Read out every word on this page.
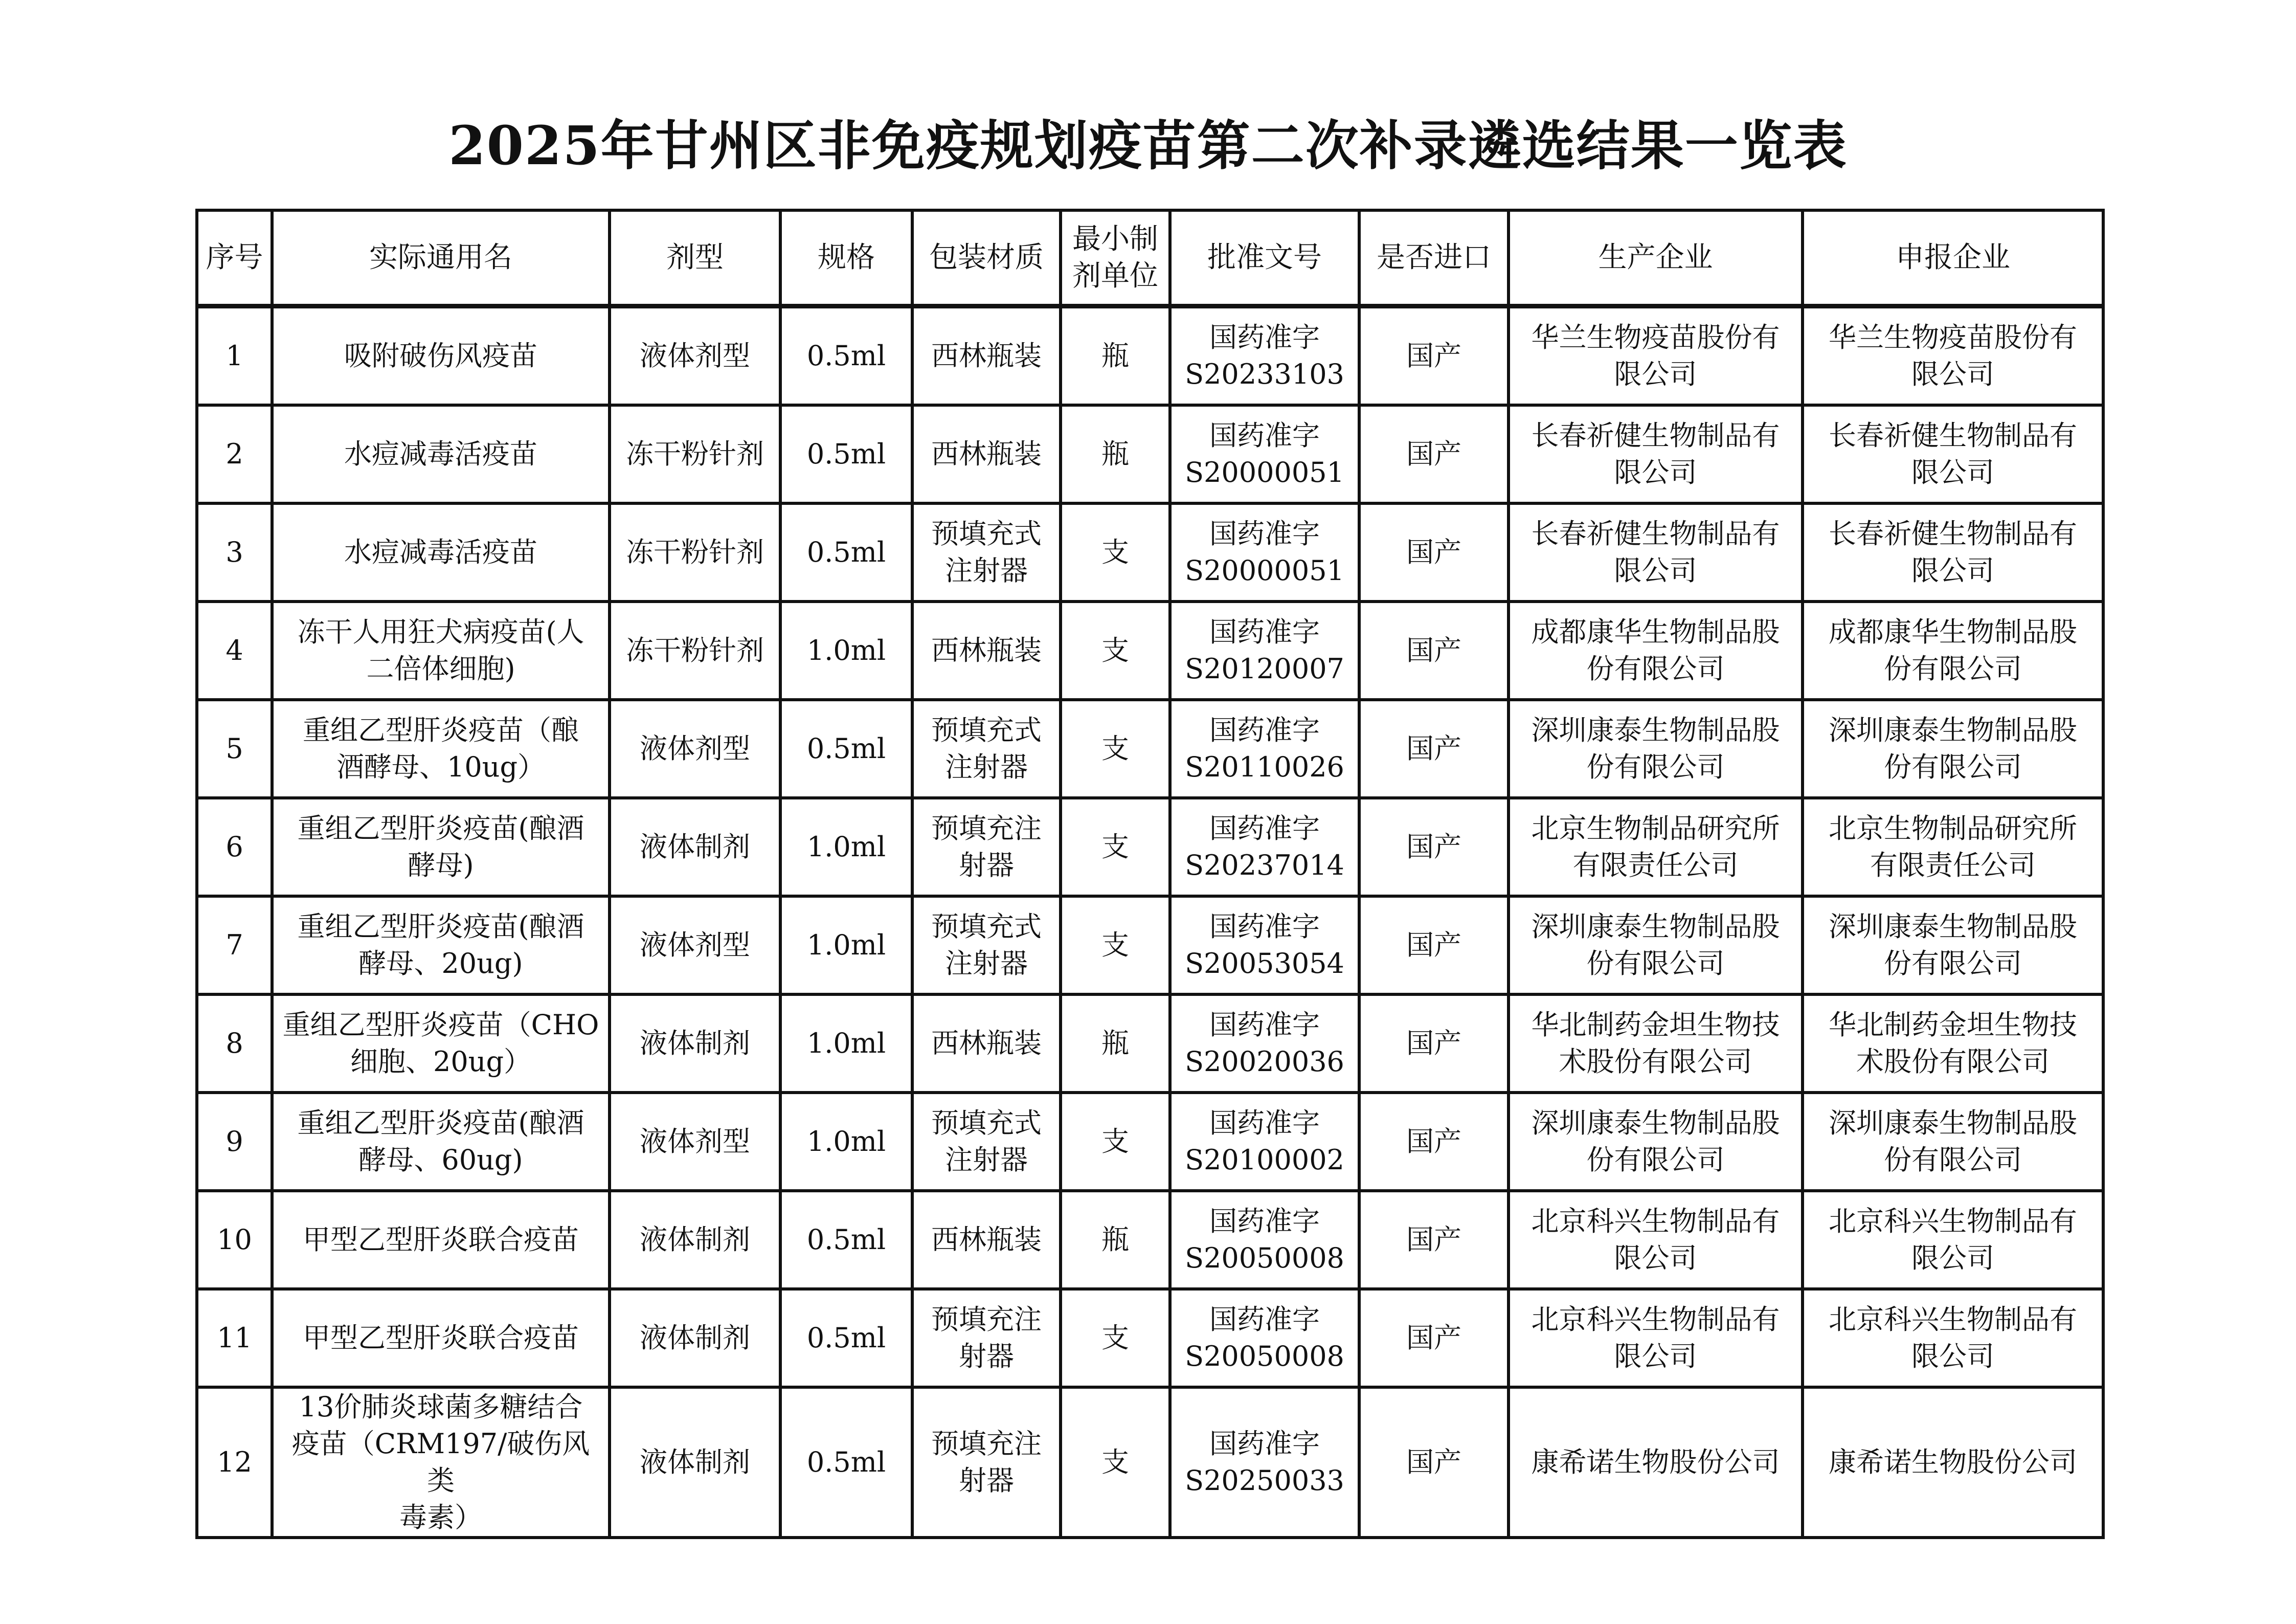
2025年甘州区非免疫规划疫苗第二次补录遴选结果一览表
序号	实际通用名	剂型	规格	包装材质	最小制
剂单位	批准文号	是否进口	生产企业	申报企业
1	吸附破伤风疫苗	液体剂型	0.5ml	西林瓶装	瓶	国药准字
S20233103	国产	华兰生物疫苗股份有
限公司	华兰生物疫苗股份有
限公司

2	水痘减毒活疫苗	冻干粉针剂	0.5ml	西林瓶装	瓶	国药准字
S20000051	国产	长春祈健生物制品有
限公司	长春祈健生物制品有
限公司

3	水痘减毒活疫苗	冻干粉针剂	0.5ml	预填充式
注射器	支	国药准字
S20000051	国产	长春祈健生物制品有
限公司	长春祈健生物制品有
限公司

4	冻干人用狂犬病疫苗(人
二倍体细胞)	冻干粉针剂	1.0ml	西林瓶装	支	国药准字
S20120007	国产	成都康华生物制品股
份有限公司	成都康华生物制品股
份有限公司

5	重组乙型肝炎疫苗（酿
酒酵母、10ug）	液体剂型	0.5ml	预填充式
注射器	支	国药准字
S20110026	国产	深圳康泰生物制品股
份有限公司	深圳康泰生物制品股
份有限公司

6	重组乙型肝炎疫苗(酿酒
酵母)	液体制剂	1.0ml	预填充注
射器	支	国药准字
S20237014	国产	北京生物制品研究所
有限责任公司	北京生物制品研究所
有限责任公司

7	重组乙型肝炎疫苗(酿酒
酵母、20ug)	液体剂型	1.0ml	预填充式
注射器	支	国药准字
S20053054	国产	深圳康泰生物制品股
份有限公司	深圳康泰生物制品股
份有限公司

8	重组乙型肝炎疫苗（CHO
细胞、20ug）	液体制剂	1.0ml	西林瓶装	瓶	国药准字
S20020036	国产	华北制药金坦生物技
术股份有限公司	华北制药金坦生物技
术股份有限公司

9	重组乙型肝炎疫苗(酿酒
酵母、60ug)	液体剂型	1.0ml	预填充式
注射器	支	国药准字
S20100002	国产	深圳康泰生物制品股
份有限公司	深圳康泰生物制品股
份有限公司

10	甲型乙型肝炎联合疫苗	液体制剂	0.5ml	西林瓶装	瓶	国药准字
S20050008	国产	北京科兴生物制品有
限公司	北京科兴生物制品有
限公司

11	甲型乙型肝炎联合疫苗	液体制剂	0.5ml	预填充注
射器	支	国药准字
S20050008	国产	北京科兴生物制品有
限公司	北京科兴生物制品有
限公司

12	13价肺炎球菌多糖结合
疫苗（CRM197/破伤风类
毒素）	液体制剂	0.5ml	预填充注
射器	支	国药准字
S20250033	国产	康希诺生物股份公司	康希诺生物股份公司
